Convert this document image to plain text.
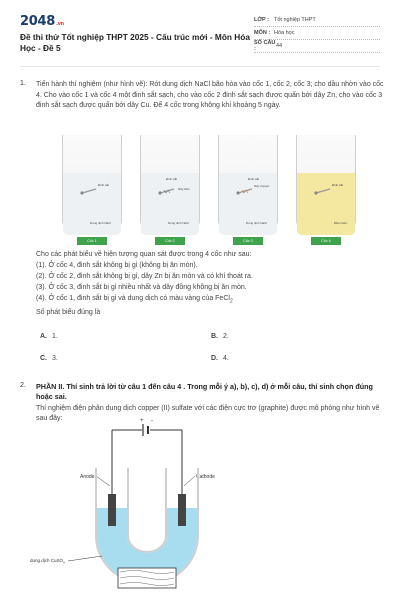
2048.vn
Đề thi thử Tốt nghiệp THPT 2025 - Cấu trúc mới - Môn Hóa Học - Đề 5
LỚP : Tốt nghiệp THPT
MÔN : Hóa học
SỐ CÂU :	44
1. Tiến hành thí nghiệm (như hình vẽ): Rót dung dịch NaCl bão hòa vào cốc 1, cốc 2, cốc 3; cho dầu nhờn vào cốc 4. Cho vào cốc 1 và cốc 4 một đinh sắt sạch, cho vào cốc 2 đinh sắt sạch được quấn bởi dây Zn, cho vào cốc 3 đinh sắt sạch được quấn bởi dây Cu. Để 4 cốc trong không khí khoảng 5 ngày.
Đinh sắt
Dung dịch NaCl
Đinh sắt
Dây Zinc
Dung dịch NaCl
Đinh sắt
Dây copper
Dung dịch NaCl
Đinh sắt
Dầu nhờn
Cốc 1	Cốc 2	Cốc 3	Cốc 4
Cho các phát biểu về hiện tượng quan sát được trong 4 cốc như sau:
(1). Ở cốc 4, đinh sắt không bị gỉ (không bị ăn mòn).
(2). Ở cốc 2, đinh sắt không bị gỉ, dây Zn bị ăn mòn và có khí thoát ra.
(3). Ở cốc 3, đinh sắt bị gỉ nhiều nhất và dây đồng không bị ăn mòn.
(4). Ở cốc 1, đinh sắt bị gỉ và dung dịch có màu vàng của FeCl$_2$
Số phát biểu đúng là
A. 1.	B. 2.
C. 3.	D. 4.
2. PHẦN II. Thí sinh trả lời từ câu 1 đến câu 4 . Trong mỗi ý a), b), c), d) ở mỗi câu, thí sinh chọn đúng hoặc sai.
Thí nghiệm điện phân dung dịch copper (II) sulfate với các điện cực trơ (graphite) được mô phỏng như hình vẽ sau đây:	+ -
Anode	Cathode
dung dịch CuSO$_4$
